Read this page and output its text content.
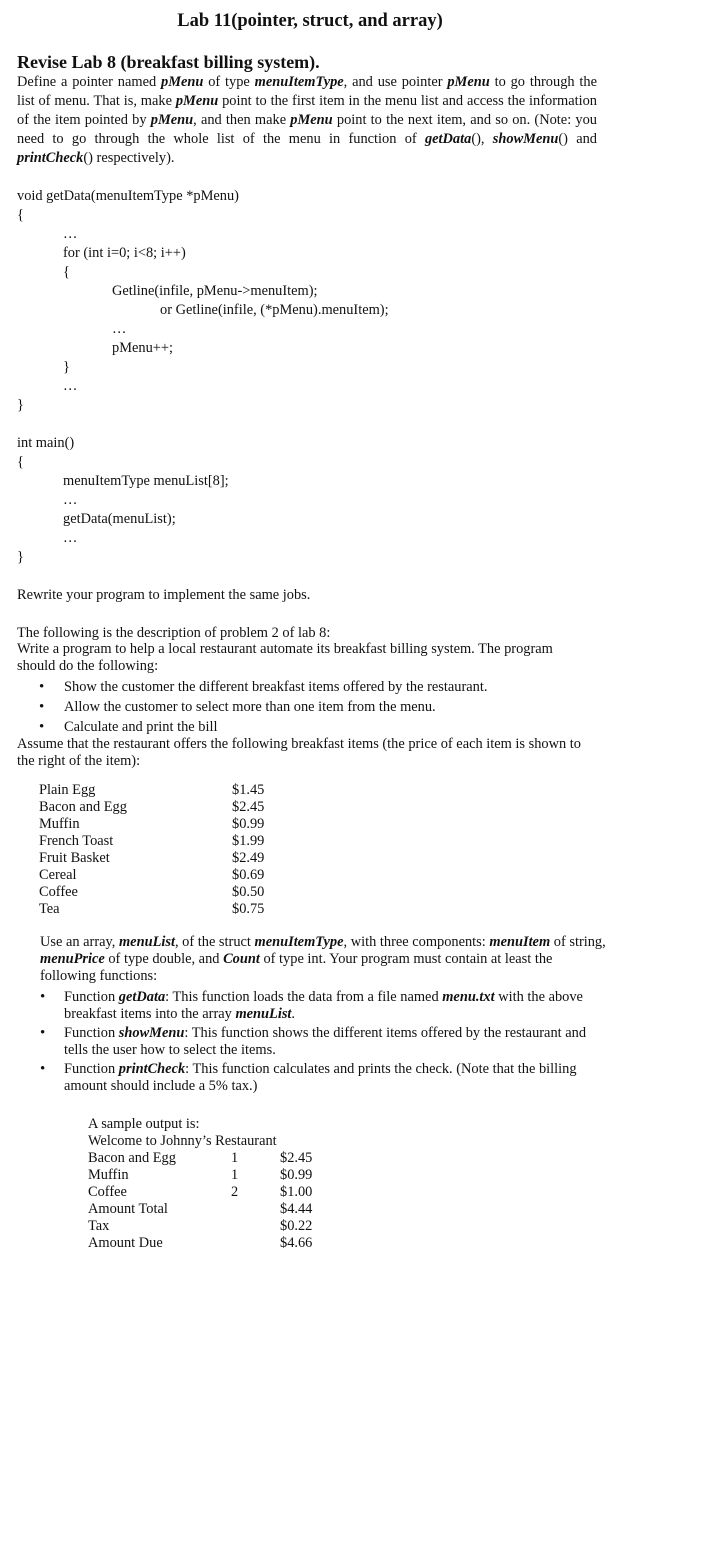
Lab 11(pointer, struct, and array)
Revise Lab 8 (breakfast billing system).
Define a pointer named pMenu of type menuItemType, and use pointer pMenu to go through the list of menu. That is, make pMenu point to the first item in the menu list and access the information of the item pointed by pMenu, and then make pMenu point to the next item, and so on. (Note: you need to go through the whole list of the menu in function of getData(), showMenu() and printCheck() respectively).
void getData(menuItemType *pMenu)
{
…
for (int i=0; i<8; i++)
{
Getline(infile, pMenu->menuItem);
or Getline(infile, (*pMenu).menuItem);
…
pMenu++;
}
…
}
int main()
{
menuItemType menuList[8];
…
getData(menuList);
…
}
Rewrite your program to implement the same jobs.
The following is the description of problem 2 of lab 8:
Write a program to help a local restaurant automate its breakfast billing system. The program should do the following:
• Show the customer the different breakfast items offered by the restaurant.
• Allow the customer to select more than one item from the menu.
• Calculate and print the bill
Assume that the restaurant offers the following breakfast items (the price of each item is shown to the right of the item):
Plain Egg	$1.45
Bacon and Egg	$2.45
Muffin	$0.99
French Toast	$1.99
Fruit Basket	$2.49
Cereal	$0.69
Coffee	$0.50
Tea	$0.75
Use an array, menuList, of the struct menuItemType, with three components: menuItem of string, menuPrice of type double, and Count of type int. Your program must contain at least the following functions:
• Function getData: This function loads the data from a file named menu.txt with the above breakfast items into the array menuList.
• Function showMenu: This function shows the different items offered by the restaurant and tells the user how to select the items.
• Function printCheck: This function calculates and prints the check. (Note that the billing amount should include a 5% tax.)
A sample output is:
Welcome to Johnny’s Restaurant
Bacon and Egg	1	$2.45
Muffin	1	$0.99
Coffee	2	$1.00
Amount Total		$4.44
Tax		$0.22
Amount Due		$4.66
